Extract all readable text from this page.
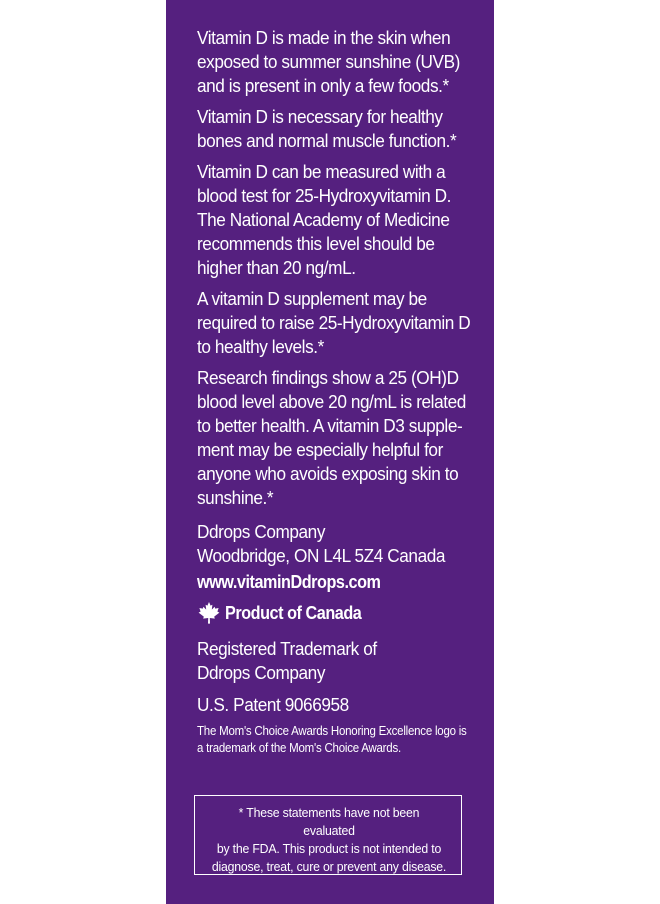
Vitamin D is made in the skin when exposed to summer sunshine (UVB) and is present in only a few foods.*

Vitamin D is necessary for healthy bones and normal muscle function.*

Vitamin D can be measured with a blood test for 25-Hydroxyvitamin D. The National Academy of Medicine recommends this level should be higher than 20 ng/mL.

A vitamin D supplement may be required to raise 25-Hydroxyvitamin D to healthy levels.*

Research findings show a 25 (OH)D blood level above 20 ng/mL is related to better health. A vitamin D3 supple-ment may be especially helpful for anyone who avoids exposing skin to sunshine.*

Ddrops Company
Woodbridge, ON L4L 5Z4 Canada
www.vitaminDdrops.com
Product of Canada
Registered Trademark of
Ddrops Company
U.S. Patent 9066958
The Mom's Choice Awards Honoring Excellence logo is a trademark of the Mom's Choice Awards.
* These statements have not been evaluated
by the FDA. This product is not intended to
diagnose, treat, cure or prevent any disease.
